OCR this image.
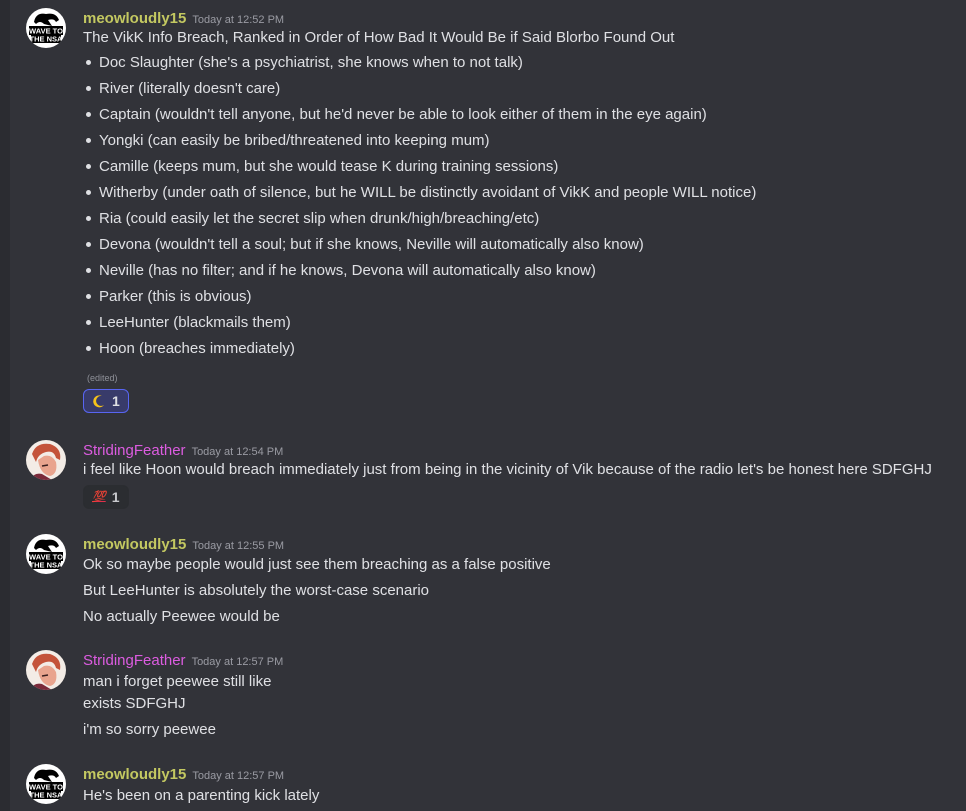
WAVE TO
THE NSA
meowloudly15 Today at 12:52 PM
The VikK Info Breach, Ranked in Order of How Bad It Would Be if Said Blorbo Found Out
Doc Slaughter (she's a psychiatrist, she knows when to not talk)
River (literally doesn't care)
Captain (wouldn't tell anyone, but he'd never be able to look either of them in the eye again)
Yongki (can easily be bribed/threatened into keeping mum)
Camille (keeps mum, but she would tease K during training sessions)
Witherby (under oath of silence, but he WILL be distinctly avoidant of VikK and people WILL notice)
Ria (could easily let the secret slip when drunk/high/breaching/etc)
Devona (wouldn't tell a soul; but if she knows, Neville will automatically also know)
Neville (has no filter; and if he knows, Devona will automatically also know)
Parker (this is obvious)
LeeHunter (blackmails them)
Hoon (breaches immediately)
(edited)
1
StridingFeather Today at 12:54 PM
i feel like Hoon would breach immediately just from being in the vicinity of Vik because of the radio let's be honest here SDFGHJ
💯 1
WAVE TO
THE NSA
meowloudly15 Today at 12:55 PM
Ok so maybe people would just see them breaching as a false positive
But LeeHunter is absolutely the worst-case scenario
No actually Peewee would be
StridingFeather Today at 12:57 PM
man i forget peewee still like
exists SDFGHJ
i'm so sorry peewee
WAVE TO
THE NSA
meowloudly15 Today at 12:57 PM
He's been on a parenting kick lately
